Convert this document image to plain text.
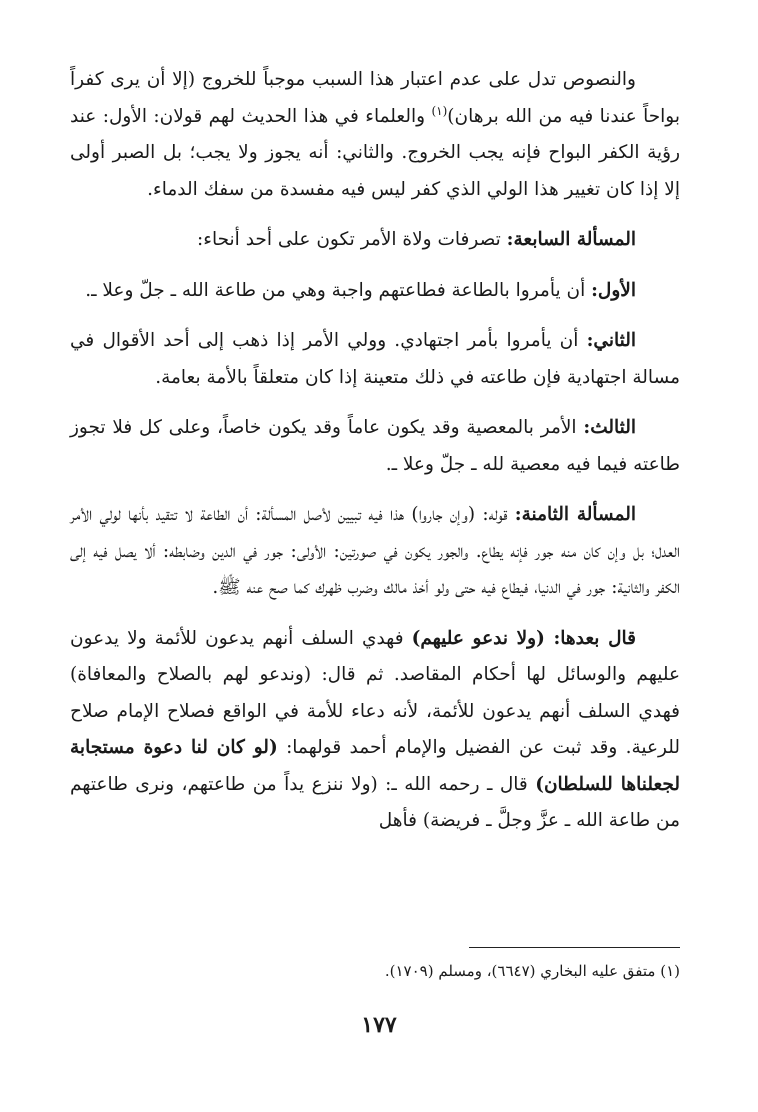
والنصوص تدل على عدم اعتبار هذا السبب موجباً للخروج (إلا أن يرى كفراً بواحاً عندنا فيه من الله برهان)$^{(١)}$ والعلماء في هذا الحديث لهم قولان: الأول: عند رؤية الكفر البواح فإنه يجب الخروج. والثاني: أنه يجوز ولا يجب؛ بل الصبر أولى إلا إذا كان تغيير هذا الولي الذي كفر ليس فيه مفسدة من سفك الدماء.

المسألة السابعة: تصرفات ولاة الأمر تكون على أحد أنحاء:

الأول: أن يأمروا بالطاعة فطاعتهم واجبة وهي من طاعة الله ـ جلّ وعلا ـ.

الثاني: أن يأمروا بأمر اجتهادي. وولي الأمر إذا ذهب إلى أحد الأقوال في مسالة اجتهادية فإن طاعته في ذلك متعينة إذا كان متعلقاً بالأمة بعامة.

الثالث: الأمر بالمعصية وقد يكون عاماً وقد يكون خاصاً، وعلى كل فلا تجوز طاعته فيما فيه معصية لله ـ جلّ وعلا ـ.

المسألة الثامنة: قوله: (وإن جاروا) هذا فيه تبيين لأصل المسألة: أن الطاعة لا تتقيد بأنها لولي الأمر العدل؛ بل وإن كان منه جور فإنه يطاع. والجور يكون في صورتين: الأولى: جور في الدين وضابطه: ألا يصل فيه إلى الكفر والثانية: جور في الدنيا، فيطاع فيه حتى ولو أخذ مالك وضرب ظهرك كما صح عنه ﷺ.

قال بعدها: (ولا ندعو عليهم) فهدي السلف أنهم يدعون للأئمة ولا يدعون عليهم والوسائل لها أحكام المقاصد. ثم قال: (وندعو لهم بالصلاح والمعافاة) فهدي السلف أنهم يدعون للأئمة، لأنه دعاء للأمة في الواقع فصلاح الإمام صلاح للرعية. وقد ثبت عن الفضيل والإمام أحمد قولهما: (لو كان لنا دعوة مستجابة لجعلناها للسلطان) قال ـ رحمه الله ـ: (ولا ننزع يداً من طاعتهم، ونرى طاعتهم من طاعة الله ـ عزَّ وجلَّ ـ فريضة) فأهل

(١) متفق عليه البخاري (٦٦٤٧)، ومسلم (١٧٠٩).
١٧٧
